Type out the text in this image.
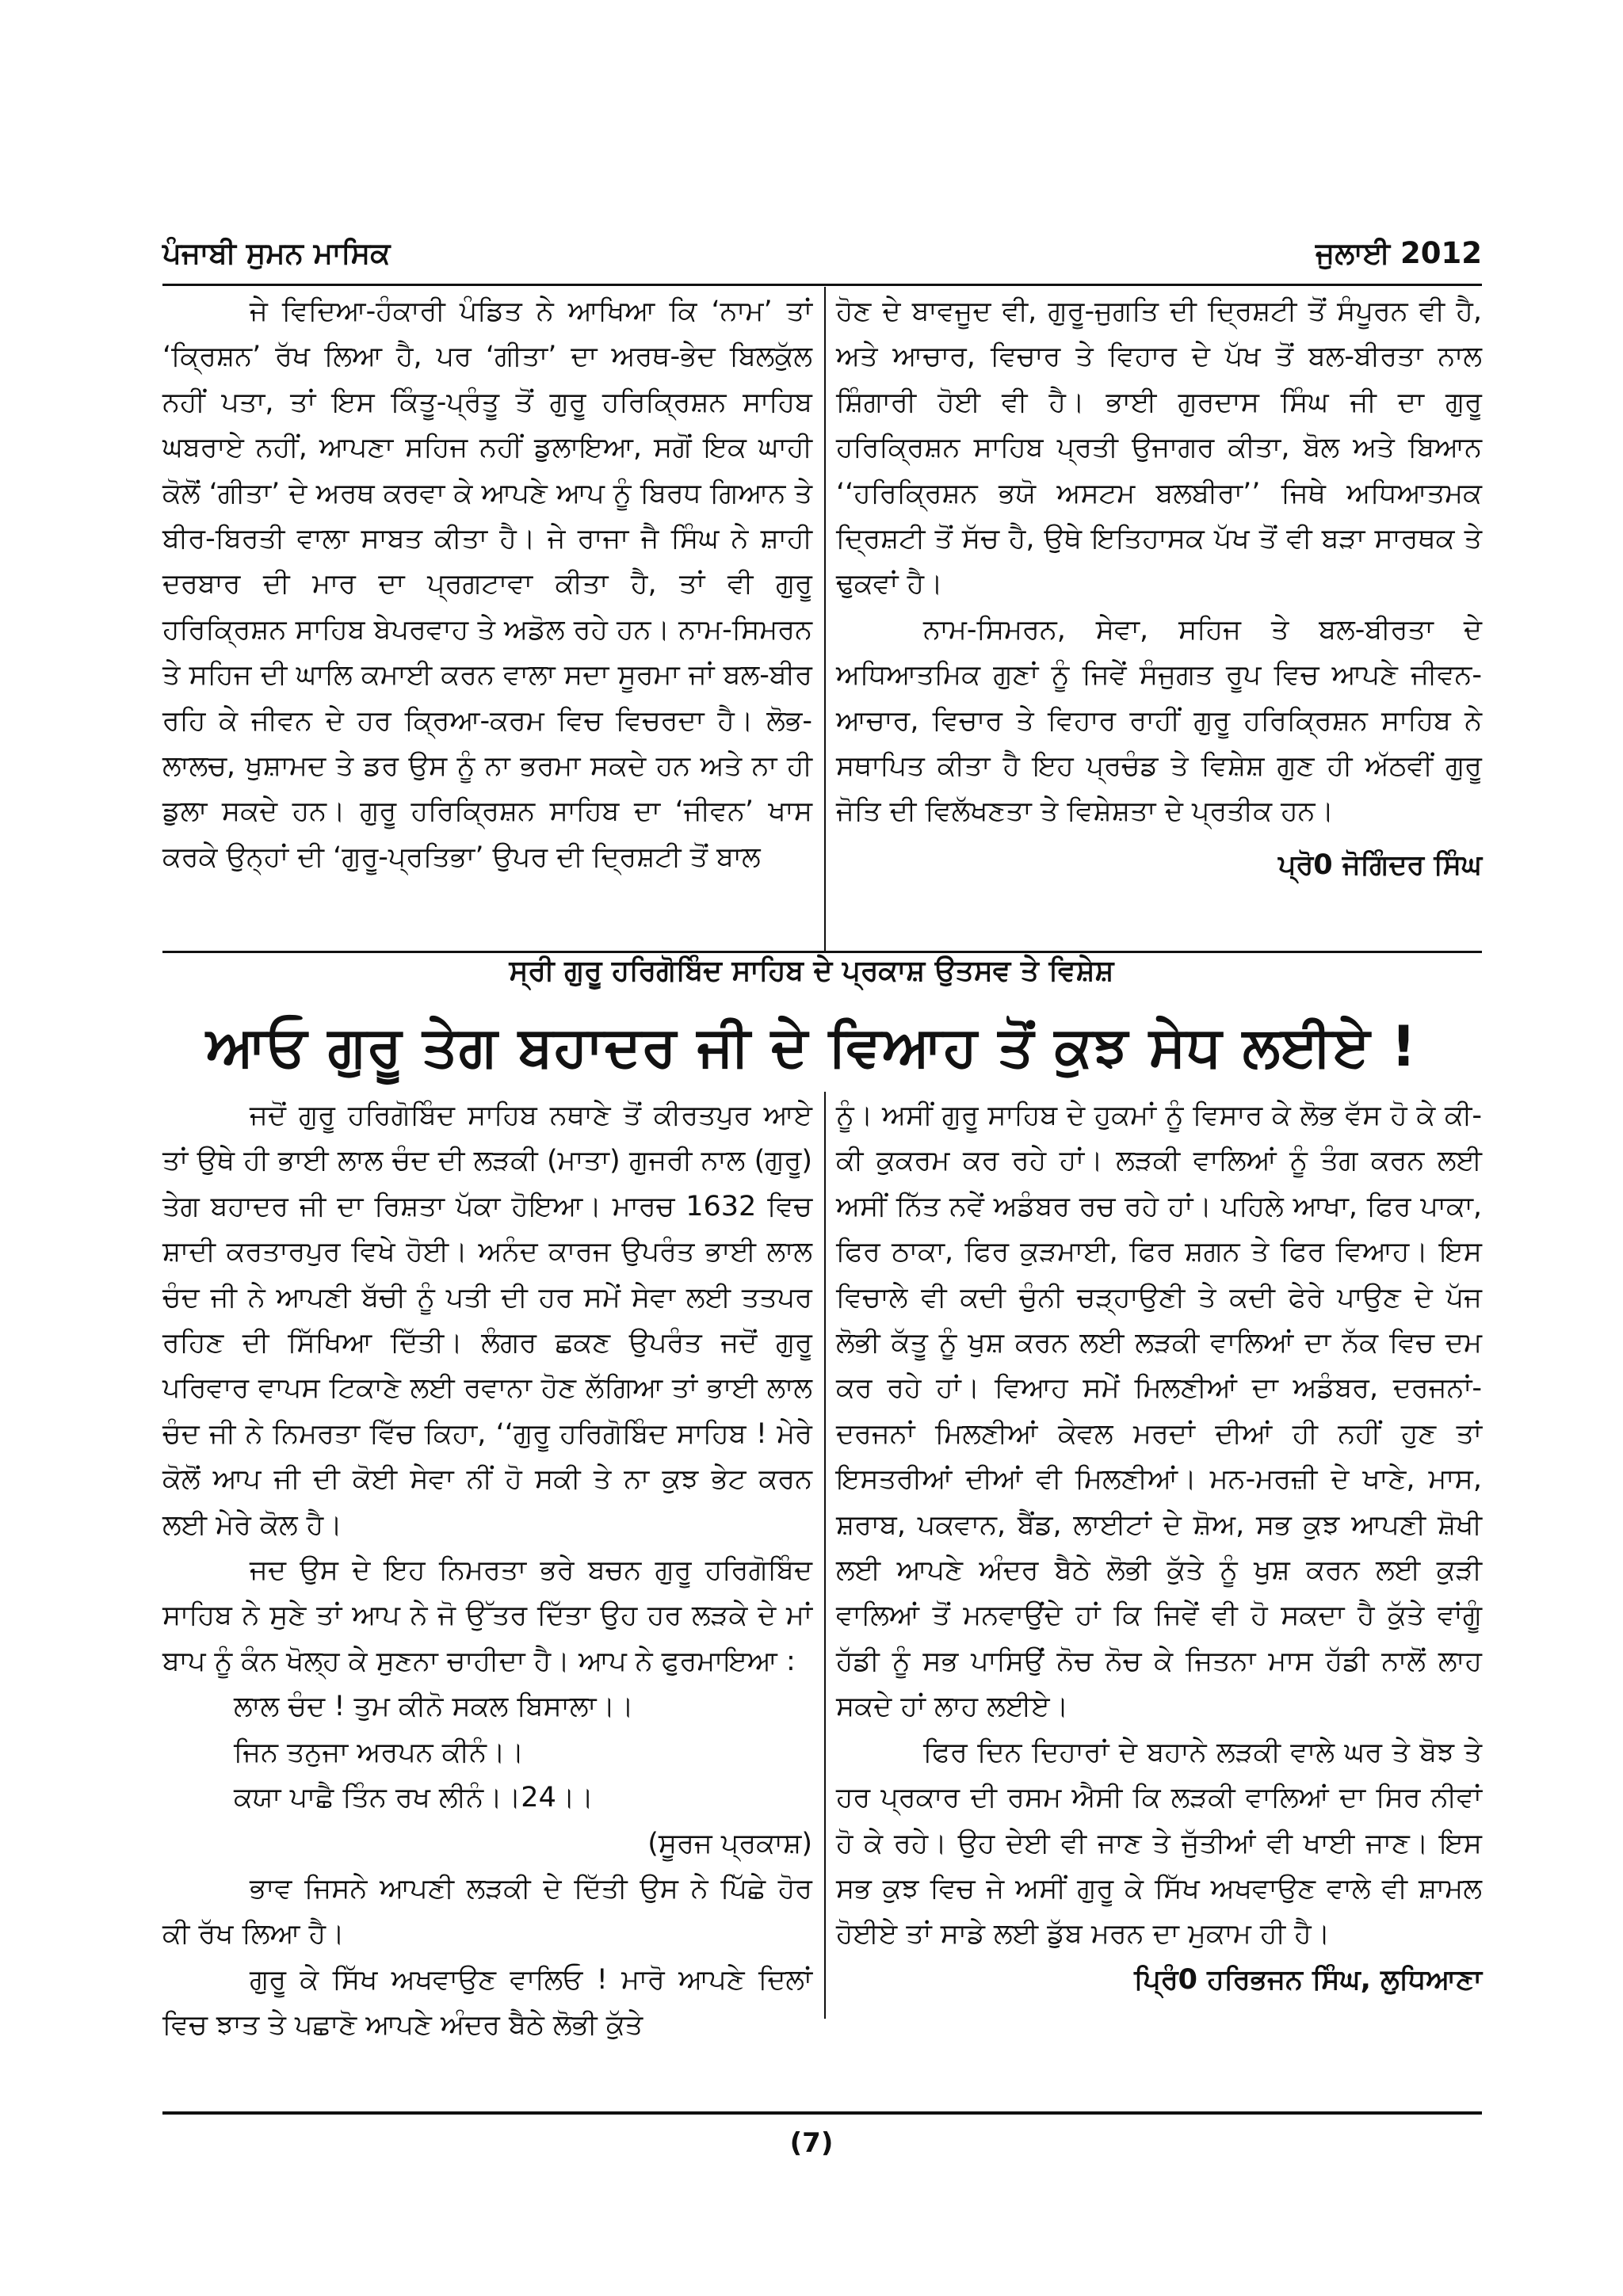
ਪੰਜਾਬੀ ਸੁਮਨ ਮਾਸਿਕ	ਜੁਲਾਈ 2012

ਜੇ ਵਿਦਿਆ-ਹੰਕਾਰੀ ਪੰਡਿਤ ਨੇ ਆਖਿਆ ਕਿ ‘ਨਾਮ’ ਤਾਂ ‘ਕ੍ਰਿਸ਼ਨ’ ਰੱਖ ਲਿਆ ਹੈ, ਪਰ ‘ਗੀਤਾ’ ਦਾ ਅਰਥ-ਭੇਦ ਬਿਲਕੁੱਲ ਨਹੀਂ ਪਤਾ, ਤਾਂ ਇਸ ਕਿੰਤੂ-ਪ੍ਰੰਤੂ ਤੋਂ ਗੁਰੂ ਹਰਿਕ੍ਰਿਸ਼ਨ ਸਾਹਿਬ ਘਬਰਾਏ ਨਹੀਂ, ਆਪਣਾ ਸਹਿਜ ਨਹੀਂ ਡੁਲਾਇਆ, ਸਗੋਂ ਇਕ ਘਾਹੀ ਕੋਲੋਂ ‘ਗੀਤਾ’ ਦੇ ਅਰਥ ਕਰਵਾ ਕੇ ਆਪਣੇ ਆਪ ਨੂੰ ਬਿਰਧ ਗਿਆਨ ਤੇ ਬੀਰ-ਬਿਰਤੀ ਵਾਲਾ ਸਾਬਤ ਕੀਤਾ ਹੈ। ਜੇ ਰਾਜਾ ਜੈ ਸਿੰਘ ਨੇ ਸ਼ਾਹੀ ਦਰਬਾਰ ਦੀ ਮਾਰ ਦਾ ਪ੍ਰਗਟਾਵਾ ਕੀਤਾ ਹੈ, ਤਾਂ ਵੀ ਗੁਰੂ ਹਰਿਕ੍ਰਿਸ਼ਨ ਸਾਹਿਬ ਬੇਪਰਵਾਹ ਤੇ ਅਡੋਲ ਰਹੇ ਹਨ। ਨਾਮ-ਸਿਮਰਨ ਤੇ ਸਹਿਜ ਦੀ ਘਾਲਿ ਕਮਾਈ ਕਰਨ ਵਾਲਾ ਸਦਾ ਸੂਰਮਾ ਜਾਂ ਬਲ-ਬੀਰ ਰਹਿ ਕੇ ਜੀਵਨ ਦੇ ਹਰ ਕ੍ਰਿਆ-ਕਰਮ ਵਿਚ ਵਿਚਰਦਾ ਹੈ। ਲੋਭ-ਲਾਲਚ, ਖੁਸ਼ਾਮਦ ਤੇ ਡਰ ਉਸ ਨੂੰ ਨਾ ਭਰਮਾ ਸਕਦੇ ਹਨ ਅਤੇ ਨਾ ਹੀ ਡੁਲਾ ਸਕਦੇ ਹਨ। ਗੁਰੂ ਹਰਿਕ੍ਰਿਸ਼ਨ ਸਾਹਿਬ ਦਾ ‘ਜੀਵਨ’ ਖਾਸ ਕਰਕੇ ਉਨ੍ਹਾਂ ਦੀ ‘ਗੁਰੂ-ਪ੍ਰਤਿਭਾ’ ਉਪਰ ਦੀ ਦ੍ਰਿਸ਼ਟੀ ਤੋਂ ਬਾਲ

ਹੋਣ ਦੇ ਬਾਵਜੂਦ ਵੀ, ਗੁਰੂ-ਜੁਗਤਿ ਦੀ ਦ੍ਰਿਸ਼ਟੀ ਤੋਂ ਸੰਪੂਰਨ ਵੀ ਹੈ, ਅਤੇ ਆਚਾਰ, ਵਿਚਾਰ ਤੇ ਵਿਹਾਰ ਦੇ ਪੱਖ ਤੋਂ ਬਲ-ਬੀਰਤਾ ਨਾਲ ਸ਼ਿੰਗਾਰੀ ਹੋਈ ਵੀ ਹੈ। ਭਾਈ ਗੁਰਦਾਸ ਸਿੰਘ ਜੀ ਦਾ ਗੁਰੂ ਹਰਿਕ੍ਰਿਸ਼ਨ ਸਾਹਿਬ ਪ੍ਰਤੀ ਉਜਾਗਰ ਕੀਤਾ, ਬੋਲ ਅਤੇ ਬਿਆਨ ‘‘ਹਰਿਕ੍ਰਿਸ਼ਨ ਭਯੋ ਅਸਟਮ ਬਲਬੀਰਾ’’ ਜਿਥੇ ਅਧਿਆਤਮਕ ਦ੍ਰਿਸ਼ਟੀ ਤੋਂ ਸੱਚ ਹੈ, ਉਥੇ ਇਤਿਹਾਸਕ ਪੱਖ ਤੋਂ ਵੀ ਬੜਾ ਸਾਰਥਕ ਤੇ ਢੁਕਵਾਂ ਹੈ।

ਨਾਮ-ਸਿਮਰਨ, ਸੇਵਾ, ਸਹਿਜ ਤੇ ਬਲ-ਬੀਰਤਾ ਦੇ ਅਧਿਆਤਮਿਕ ਗੁਣਾਂ ਨੂੰ ਜਿਵੇਂ ਸੰਜੁਗਤ ਰੂਪ ਵਿਚ ਆਪਣੇ ਜੀਵਨ-ਆਚਾਰ, ਵਿਚਾਰ ਤੇ ਵਿਹਾਰ ਰਾਹੀਂ ਗੁਰੂ ਹਰਿਕ੍ਰਿਸ਼ਨ ਸਾਹਿਬ ਨੇ ਸਥਾਪਿਤ ਕੀਤਾ ਹੈ ਇਹ ਪ੍ਰਚੰਡ ਤੇ ਵਿਸ਼ੇਸ਼ ਗੁਣ ਹੀ ਅੱਠਵੀਂ ਗੁਰੂ ਜੋਤਿ ਦੀ ਵਿਲੱਖਣਤਾ ਤੇ ਵਿਸ਼ੇਸ਼ਤਾ ਦੇ ਪ੍ਰਤੀਕ ਹਨ।

ਪ੍ਰੋ0 ਜੋਗਿੰਦਰ ਸਿੰਘ

ਸ੍ਰੀ ਗੁਰੂ ਹਰਿਗੋਬਿੰਦ ਸਾਹਿਬ ਦੇ ਪ੍ਰਕਾਸ਼ ਉਤਸਵ ਤੇ ਵਿਸ਼ੇਸ਼
ਆਓ ਗੁਰੂ ਤੇਗ ਬਹਾਦਰ ਜੀ ਦੇ ਵਿਆਹ ਤੋਂ ਕੁਝ ਸੇਧ ਲਈਏ !

ਜਦੋਂ ਗੁਰੂ ਹਰਿਗੋਬਿੰਦ ਸਾਹਿਬ ਨਥਾਣੇ ਤੋਂ ਕੀਰਤਪੁਰ ਆਏ ਤਾਂ ਉਥੇ ਹੀ ਭਾਈ ਲਾਲ ਚੰਦ ਦੀ ਲੜਕੀ (ਮਾਤਾ) ਗੁਜਰੀ ਨਾਲ (ਗੁਰੂ) ਤੇਗ ਬਹਾਦਰ ਜੀ ਦਾ ਰਿਸ਼ਤਾ ਪੱਕਾ ਹੋਇਆ। ਮਾਰਚ 1632 ਵਿਚ ਸ਼ਾਦੀ ਕਰਤਾਰਪੁਰ ਵਿਖੇ ਹੋਈ। ਅਨੰਦ ਕਾਰਜ ਉਪਰੰਤ ਭਾਈ ਲਾਲ ਚੰਦ ਜੀ ਨੇ ਆਪਣੀ ਬੱਚੀ ਨੂੰ ਪਤੀ ਦੀ ਹਰ ਸਮੇਂ ਸੇਵਾ ਲਈ ਤਤਪਰ ਰਹਿਣ ਦੀ ਸਿੱਖਿਆ ਦਿੱਤੀ। ਲੰਗਰ ਛਕਣ ਉਪਰੰਤ ਜਦੋਂ ਗੁਰੂ ਪਰਿਵਾਰ ਵਾਪਸ ਟਿਕਾਣੇ ਲਈ ਰਵਾਨਾ ਹੋਣ ਲੱਗਿਆ ਤਾਂ ਭਾਈ ਲਾਲ ਚੰਦ ਜੀ ਨੇ ਨਿਮਰਤਾ ਵਿੱਚ ਕਿਹਾ, ‘‘ਗੁਰੂ ਹਰਿਗੋਬਿੰਦ ਸਾਹਿਬ ! ਮੇਰੇ ਕੋਲੋਂ ਆਪ ਜੀ ਦੀ ਕੋਈ ਸੇਵਾ ਨੀਂ ਹੋ ਸਕੀ ਤੇ ਨਾ ਕੁਝ ਭੇਟ ਕਰਨ ਲਈ ਮੇਰੇ ਕੋਲ ਹੈ।

ਜਦ ਉਸ ਦੇ ਇਹ ਨਿਮਰਤਾ ਭਰੇ ਬਚਨ ਗੁਰੂ ਹਰਿਗੋਬਿੰਦ ਸਾਹਿਬ ਨੇ ਸੁਣੇ ਤਾਂ ਆਪ ਨੇ ਜੋ ਉੱਤਰ ਦਿੱਤਾ ਉਹ ਹਰ ਲੜਕੇ ਦੇ ਮਾਂ ਬਾਪ ਨੂੰ ਕੰਨ ਖੋਲ੍ਹ ਕੇ ਸੁਣਨਾ ਚਾਹੀਦਾ ਹੈ। ਆਪ ਨੇ ਫੁਰਮਾਇਆ :

ਲਾਲ ਚੰਦ ! ਤੁਮ ਕੀਨੋ ਸਕਲ ਬਿਸਾਲਾ।।
ਜਿਨ ਤਨੁਜਾ ਅਰਪਨ ਕੀਨੰ।।
ਕਯਾ ਪਾਛੈ ਤਿੰਨ ਰਖ ਲੀਨੰ।।24।।
(ਸੂਰਜ ਪ੍ਰਕਾਸ਼)

ਭਾਵ ਜਿਸਨੇ ਆਪਣੀ ਲੜਕੀ ਦੇ ਦਿੱਤੀ ਉਸ ਨੇ ਪਿੱਛੇ ਹੋਰ ਕੀ ਰੱਖ ਲਿਆ ਹੈ।

ਗੁਰੂ ਕੇ ਸਿੱਖ ਅਖਵਾਉਣ ਵਾਲਿਓ ! ਮਾਰੋ ਆਪਣੇ ਦਿਲਾਂ ਵਿਚ ਝਾਤ ਤੇ ਪਛਾਣੋ ਆਪਣੇ ਅੰਦਰ ਬੈਠੇ ਲੋਭੀ ਕੁੱਤੇ

ਨੂੰ। ਅਸੀਂ ਗੁਰੂ ਸਾਹਿਬ ਦੇ ਹੁਕਮਾਂ ਨੂੰ ਵਿਸਾਰ ਕੇ ਲੋਭ ਵੱਸ ਹੋ ਕੇ ਕੀ-ਕੀ ਕੁਕਰਮ ਕਰ ਰਹੇ ਹਾਂ। ਲੜਕੀ ਵਾਲਿਆਂ ਨੂੰ ਤੰਗ ਕਰਨ ਲਈ ਅਸੀਂ ਨਿੱਤ ਨਵੇਂ ਅਡੰਬਰ ਰਚ ਰਹੇ ਹਾਂ। ਪਹਿਲੇ ਆਖਾ, ਫਿਰ ਪਾਕਾ, ਫਿਰ ਠਾਕਾ, ਫਿਰ ਕੁੜਮਾਈ, ਫਿਰ ਸ਼ਗਨ ਤੇ ਫਿਰ ਵਿਆਹ। ਇਸ ਵਿਚਾਲੇ ਵੀ ਕਦੀ ਚੁੰਨੀ ਚੜ੍ਹਾਉਣੀ ਤੇ ਕਦੀ ਫੇਰੇ ਪਾਉਣ ਦੇ ਪੱਜ ਲੋਭੀ ਕੱਤੂ ਨੂੰ ਖੁਸ਼ ਕਰਨ ਲਈ ਲੜਕੀ ਵਾਲਿਆਂ ਦਾ ਨੱਕ ਵਿਚ ਦਮ ਕਰ ਰਹੇ ਹਾਂ। ਵਿਆਹ ਸਮੇਂ ਮਿਲਣੀਆਂ ਦਾ ਅਡੰਬਰ, ਦਰਜਨਾਂ-ਦਰਜਨਾਂ ਮਿਲਣੀਆਂ ਕੇਵਲ ਮਰਦਾਂ ਦੀਆਂ ਹੀ ਨਹੀਂ ਹੁਣ ਤਾਂ ਇਸਤਰੀਆਂ ਦੀਆਂ ਵੀ ਮਿਲਣੀਆਂ। ਮਨ-ਮਰਜ਼ੀ ਦੇ ਖਾਣੇ, ਮਾਸ, ਸ਼ਰਾਬ, ਪਕਵਾਨ, ਬੈਂਡ, ਲਾਈਟਾਂ ਦੇ ਸ਼ੋਅ, ਸਭ ਕੁਝ ਆਪਣੀ ਸ਼ੋਖੀ ਲਈ ਆਪਣੇ ਅੰਦਰ ਬੈਠੇ ਲੋਭੀ ਕੁੱਤੇ ਨੂੰ ਖੁਸ਼ ਕਰਨ ਲਈ ਕੁੜੀ ਵਾਲਿਆਂ ਤੋਂ ਮਨਵਾਉਂਦੇ ਹਾਂ ਕਿ ਜਿਵੇਂ ਵੀ ਹੋ ਸਕਦਾ ਹੈ ਕੁੱਤੇ ਵਾਂਗੂੰ ਹੱਡੀ ਨੂੰ ਸਭ ਪਾਸਿਉਂ ਨੋਚ ਨੋਚ ਕੇ ਜਿਤਨਾ ਮਾਸ ਹੱਡੀ ਨਾਲੋਂ ਲਾਹ ਸਕਦੇ ਹਾਂ ਲਾਹ ਲਈਏ।

ਫਿਰ ਦਿਨ ਦਿਹਾਰਾਂ ਦੇ ਬਹਾਨੇ ਲੜਕੀ ਵਾਲੇ ਘਰ ਤੇ ਬੋਝ ਤੇ ਹਰ ਪ੍ਰਕਾਰ ਦੀ ਰਸਮ ਐਸੀ ਕਿ ਲੜਕੀ ਵਾਲਿਆਂ ਦਾ ਸਿਰ ਨੀਵਾਂ ਹੋ ਕੇ ਰਹੇ। ਉਹ ਦੇਈ ਵੀ ਜਾਣ ਤੇ ਜੁੱਤੀਆਂ ਵੀ ਖਾਈ ਜਾਣ। ਇਸ ਸਭ ਕੁਝ ਵਿਚ ਜੇ ਅਸੀਂ ਗੁਰੂ ਕੇ ਸਿੱਖ ਅਖਵਾਉਣ ਵਾਲੇ ਵੀ ਸ਼ਾਮਲ ਹੋਈਏ ਤਾਂ ਸਾਡੇ ਲਈ ਡੁੱਬ ਮਰਨ ਦਾ ਮੁਕਾਮ ਹੀ ਹੈ।

ਪ੍ਰਿੰ0 ਹਰਿਭਜਨ ਸਿੰਘ, ਲੁਧਿਆਣਾ

(7)
